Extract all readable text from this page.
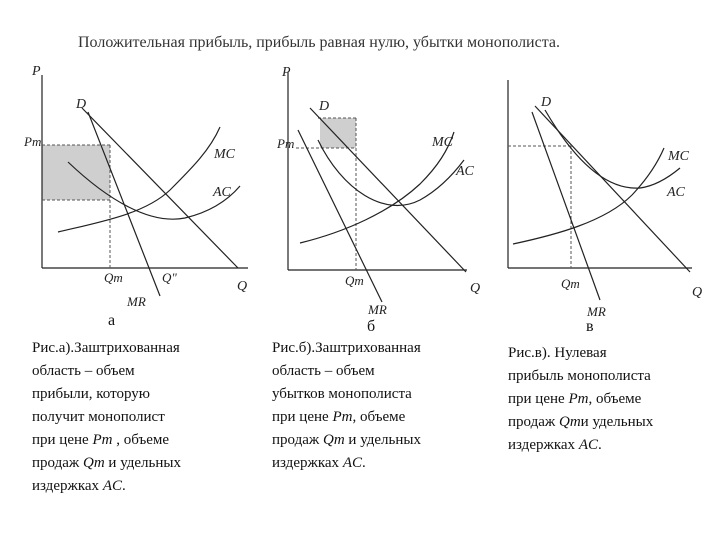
Положительная прибыль, прибыль равная нулю, убытки монополиста.
P
D
Pm
MC
AC
Qm	Q"
Q
MR
P
D
Pm	MC
AC
Qm
Q
MR
D
MC
AC
Qm
Q
MR
а	б	в
Рис.а).Заштрихованная
область – объем
прибыли, которую
получит монополист
при цене Pm , объеме
продаж Qm и удельных
издержках AC.
Рис.б).Заштрихованная
область – объем
убытков монополиста
при цене Pm, объеме
продаж Qm и удельных
издержках AC.
Рис.в). Нулевая
прибыль монополиста
при цене Pm, объеме
продаж Qmи удельных
издержках AC.
